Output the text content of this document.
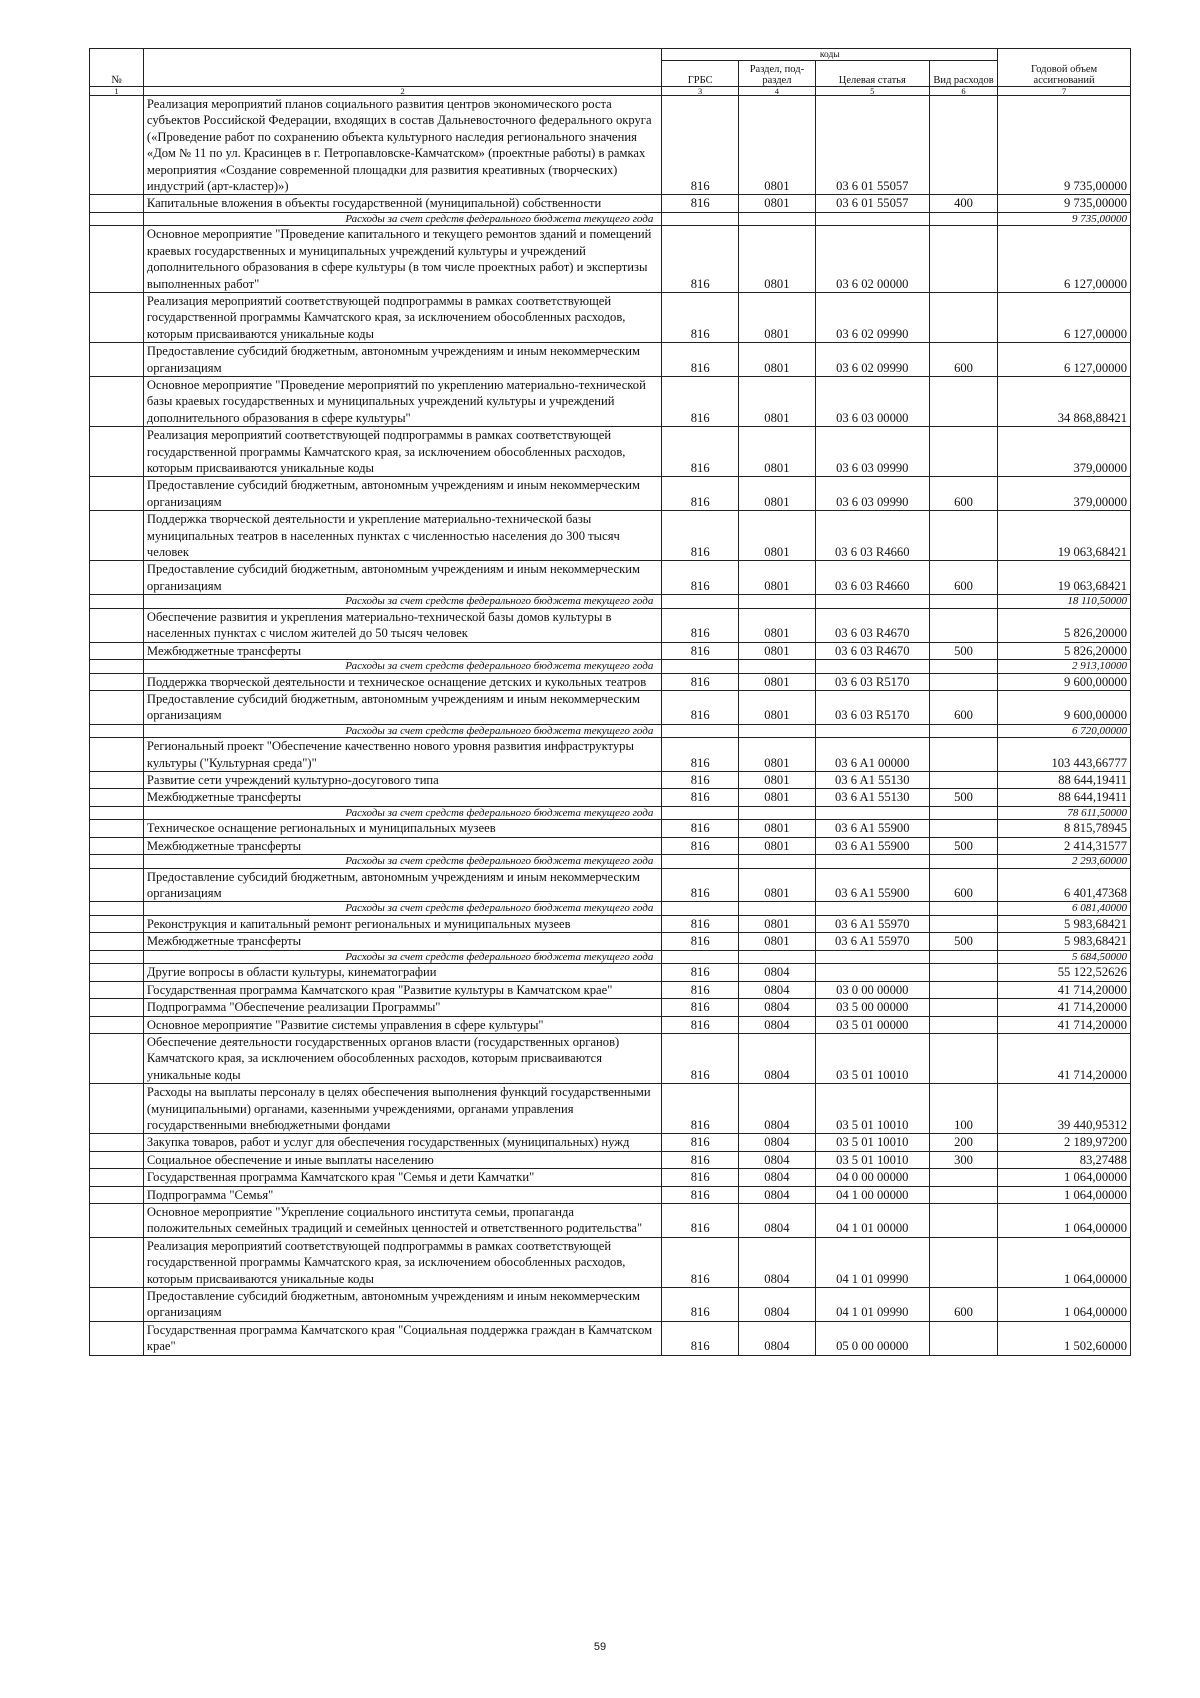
№		коды				Годовой объем ассигнований
		ГРБС	Раздел, под-раздел	Целевая статья	Вид расходов	
1	2	3	4	5	6	7
	Реализация мероприятий планов социального развития центров экономического роста субъектов Российской Федерации, входящих в состав Дальневосточного федерального округа («Проведение работ по сохранению объекта культурного наследия регионального значения «Дом № 11 по ул. Красинцев в г. Петропавловске-Камчатском» (проектные работы) в рамках мероприятия «Создание современной площадки для развития креативных (творческих) индустрий (арт-кластер)»)	816	0801	03 6 01 55057		9 735,00000
	Капитальные вложения в объекты государственной (муниципальной) собственности	816	0801	03 6 01 55057	400	9 735,00000
	Расходы за счет средств федерального бюджета текущего года					9 735,00000
	Основное мероприятие "Проведение капитального и текущего ремонтов зданий и помещений краевых государственных и муниципальных учреждений культуры и учреждений дополнительного образования в сфере культуры (в том числе проектных работ) и экспертизы выполненных работ"	816	0801	03 6 02 00000		6 127,00000
	Реализация мероприятий соответствующей подпрограммы в рамках соответствующей государственной программы Камчатского края, за исключением обособленных расходов, которым присваиваются уникальные коды	816	0801	03 6 02 09990		6 127,00000
	Предоставление субсидий бюджетным, автономным учреждениям и иным некоммерческим организациям	816	0801	03 6 02 09990	600	6 127,00000
	Основное мероприятие "Проведение мероприятий по укреплению материально-технической базы краевых государственных и муниципальных учреждений культуры и учреждений дополнительного образования в сфере культуры"	816	0801	03 6 03 00000		34 868,88421
	Реализация мероприятий соответствующей подпрограммы в рамках соответствующей государственной программы Камчатского края, за исключением обособленных расходов, которым присваиваются уникальные коды	816	0801	03 6 03 09990		379,00000
	Предоставление субсидий бюджетным, автономным учреждениям и иным некоммерческим организациям	816	0801	03 6 03 09990	600	379,00000
	Поддержка творческой деятельности и укрепление материально-технической базы муниципальных театров в населенных пунктах с численностью населения до 300 тысяч человек	816	0801	03 6 03 R4660		19 063,68421
	Предоставление субсидий бюджетным, автономным учреждениям и иным некоммерческим организациям	816	0801	03 6 03 R4660	600	19 063,68421
	Расходы за счет средств федерального бюджета текущего года					18 110,50000
	Обеспечение развития и укрепления материально-технической базы домов культуры в населенных пунктах с числом жителей до 50 тысяч человек	816	0801	03 6 03 R4670		5 826,20000
	Межбюджетные трансферты	816	0801	03 6 03 R4670	500	5 826,20000
	Расходы за счет средств федерального бюджета текущего года					2 913,10000
	Поддержка творческой деятельности и техническое оснащение детских и кукольных театров	816	0801	03 6 03 R5170		9 600,00000
	Предоставление субсидий бюджетным, автономным учреждениям и иным некоммерческим организациям	816	0801	03 6 03 R5170	600	9 600,00000
	Расходы за счет средств федерального бюджета текущего года					6 720,00000
	Региональный проект "Обеспечение качественно нового уровня развития инфраструктуры культуры ("Культурная среда")"	816	0801	03 6 A1 00000		103 443,66777
	Развитие сети учреждений культурно-досугового типа	816	0801	03 6 A1 55130		88 644,19411
	Межбюджетные трансферты	816	0801	03 6 A1 55130	500	88 644,19411
	Расходы за счет средств федерального бюджета текущего года					78 611,50000
	Техническое оснащение региональных и муниципальных музеев	816	0801	03 6 A1 55900		8 815,78945
	Межбюджетные трансферты	816	0801	03 6 A1 55900	500	2 414,31577
	Расходы за счет средств федерального бюджета текущего года					2 293,60000
	Предоставление субсидий бюджетным, автономным учреждениям и иным некоммерческим организациям	816	0801	03 6 A1 55900	600	6 401,47368
	Расходы за счет средств федерального бюджета текущего года					6 081,40000
	Реконструкция и капитальный ремонт региональных и муниципальных музеев	816	0801	03 6 A1 55970		5 983,68421
	Межбюджетные трансферты	816	0801	03 6 A1 55970	500	5 983,68421
	Расходы за счет средств федерального бюджета текущего года					5 684,50000
	Другие вопросы в области культуры, кинематографии	816	0804			55 122,52626
	Государственная программа Камчатского края "Развитие культуры в Камчатском крае"	816	0804	03 0 00 00000		41 714,20000
	Подпрограмма "Обеспечение реализации Программы"	816	0804	03 5 00 00000		41 714,20000
	Основное мероприятие "Развитие системы управления в сфере культуры"	816	0804	03 5 01 00000		41 714,20000
	Обеспечение деятельности государственных органов власти (государственных органов) Камчатского края, за исключением обособленных расходов, которым присваиваются уникальные коды	816	0804	03 5 01 10010		41 714,20000
	Расходы на выплаты персоналу в целях обеспечения выполнения функций государственными (муниципальными) органами, казенными учреждениями, органами управления государственными внебюджетными фондами	816	0804	03 5 01 10010	100	39 440,95312
	Закупка товаров, работ и услуг для обеспечения государственных (муниципальных) нужд	816	0804	03 5 01 10010	200	2 189,97200
	Социальное обеспечение и иные выплаты населению	816	0804	03 5 01 10010	300	83,27488
	Государственная программа Камчатского края "Семья и дети Камчатки"	816	0804	04 0 00 00000		1 064,00000
	Подпрограмма "Семья"	816	0804	04 1 00 00000		1 064,00000
	Основное мероприятие "Укрепление социального института семьи, пропаганда положительных семейных традиций и семейных ценностей и ответственного родительства"	816	0804	04 1 01 00000		1 064,00000
	Реализация мероприятий соответствующей подпрограммы в рамках соответствующей государственной программы Камчатского края, за исключением обособленных расходов, которым присваиваются уникальные коды	816	0804	04 1 01 09990		1 064,00000
	Предоставление субсидий бюджетным, автономным учреждениям и иным некоммерческим организациям	816	0804	04 1 01 09990	600	1 064,00000
	Государственная программа Камчатского края "Социальная поддержка граждан в Камчатском крае"	816	0804	05 0 00 00000		1 502,60000
59
